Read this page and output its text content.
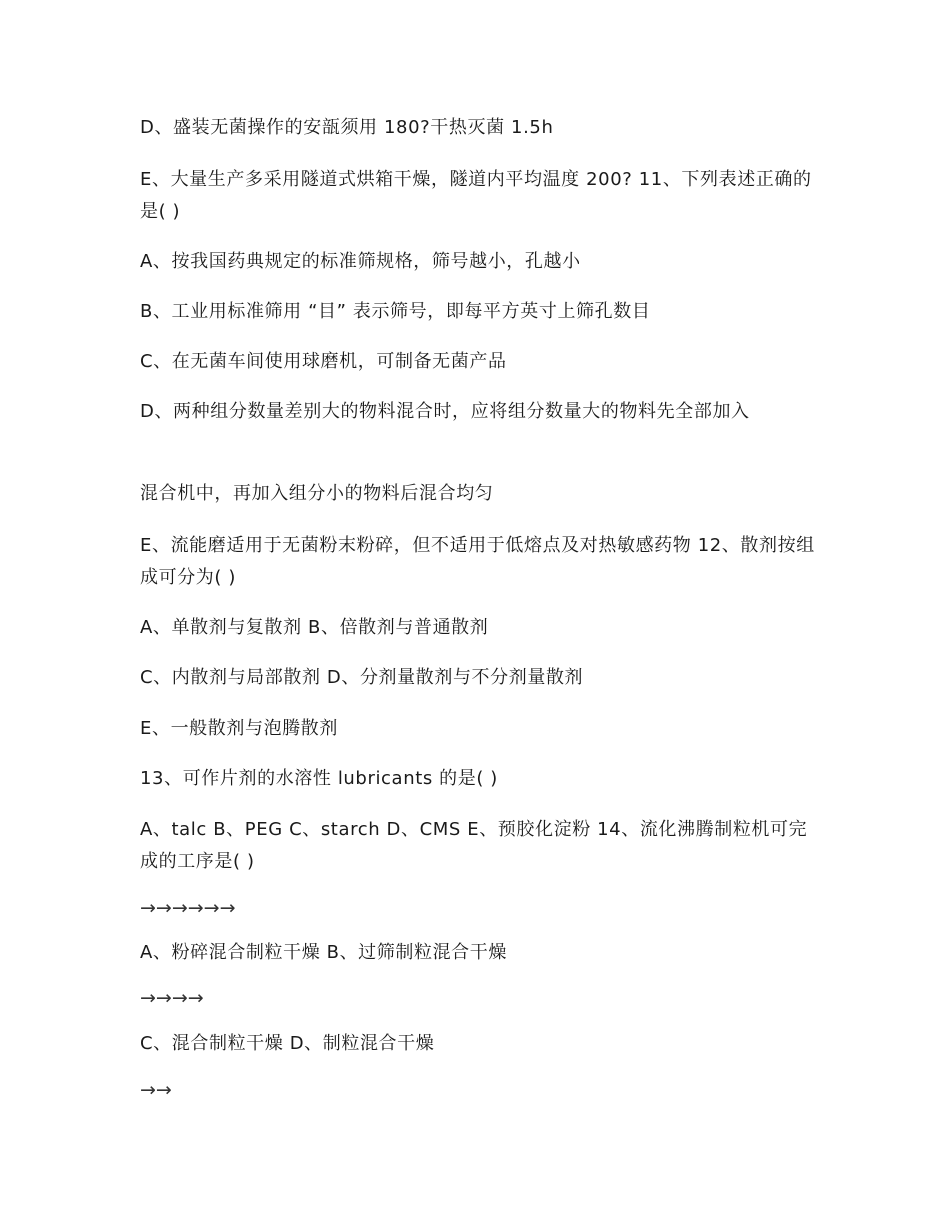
D、盛装无菌操作的安瓿须用 180?干热灭菌 1.5h
E、大量生产多采用隧道式烘箱干燥，隧道内平均温度 200? 11、下列表述正确的是( )
A、按我国药典规定的标准筛规格，筛号越小，孔越小
B、工业用标准筛用 “目” 表示筛号，即每平方英寸上筛孔数目
C、在无菌车间使用球磨机，可制备无菌产品
D、两种组分数量差别大的物料混合时，应将组分数量大的物料先全部加入
混合机中，再加入组分小的物料后混合均匀
E、流能磨适用于无菌粉末粉碎，但不适用于低熔点及对热敏感药物 12、散剂按组成可分为( )
A、单散剂与复散剂 B、倍散剂与普通散剂
C、内散剂与局部散剂 D、分剂量散剂与不分剂量散剂
E、一般散剂与泡腾散剂
13、可作片剂的水溶性 lubricants 的是( )
A、talc B、PEG C、starch D、CMS E、预胶化淀粉 14、流化沸腾制粒机可完成的工序是( )
→→→→→→
A、粉碎混合制粒干燥 B、过筛制粒混合干燥
→→→→
C、混合制粒干燥 D、制粒混合干燥
→→
